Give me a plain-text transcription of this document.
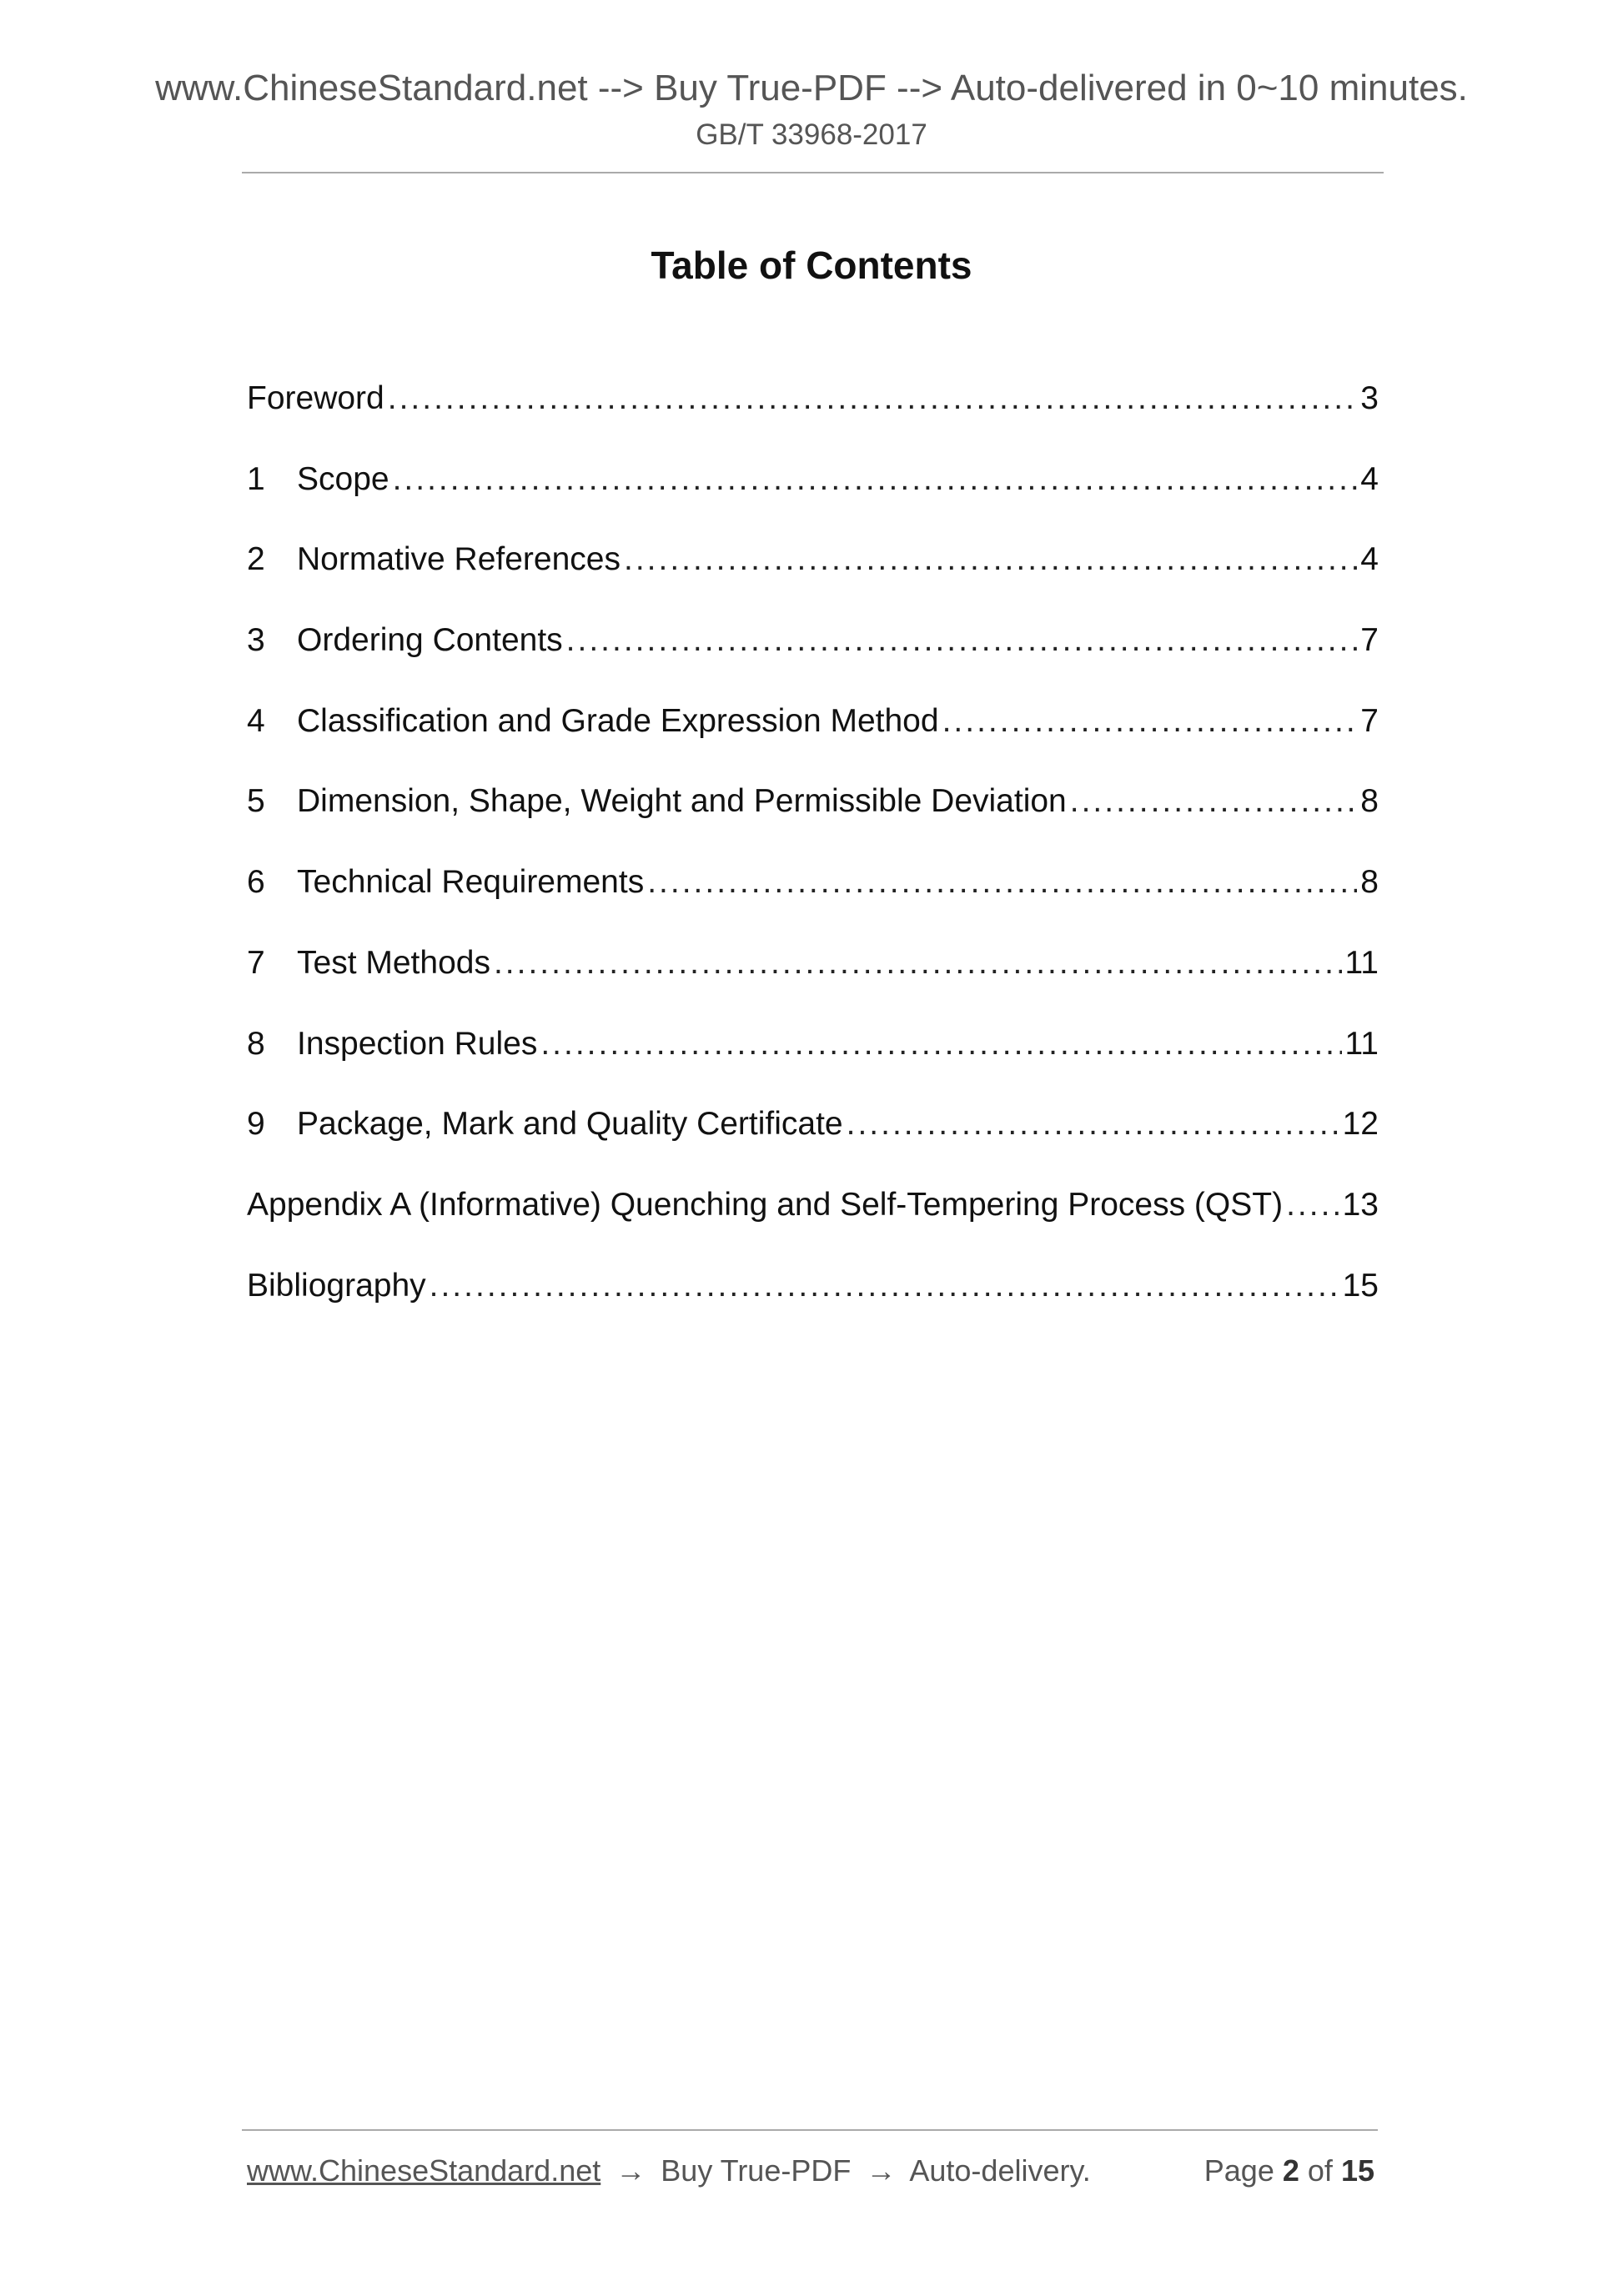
www.ChineseStandard.net --> Buy True-PDF --> Auto-delivered in 0~10 minutes.
GB/T 33968-2017
Table of Contents
Foreword .....	3
1 Scope .....	4
2 Normative References .....	4
3 Ordering Contents .....	7
4 Classification and Grade Expression Method .....	7
5 Dimension, Shape, Weight and Permissible Deviation .....	8
6 Technical Requirements .....	8
7 Test Methods .....	11
8 Inspection Rules .....	11
9 Package, Mark and Quality Certificate .....	12
Appendix A (Informative) Quenching and Self-Tempering Process (QST) ..... 13
Bibliography .....	15
www.ChineseStandard.net → Buy True-PDF → Auto-delivery.	Page 2 of 15
